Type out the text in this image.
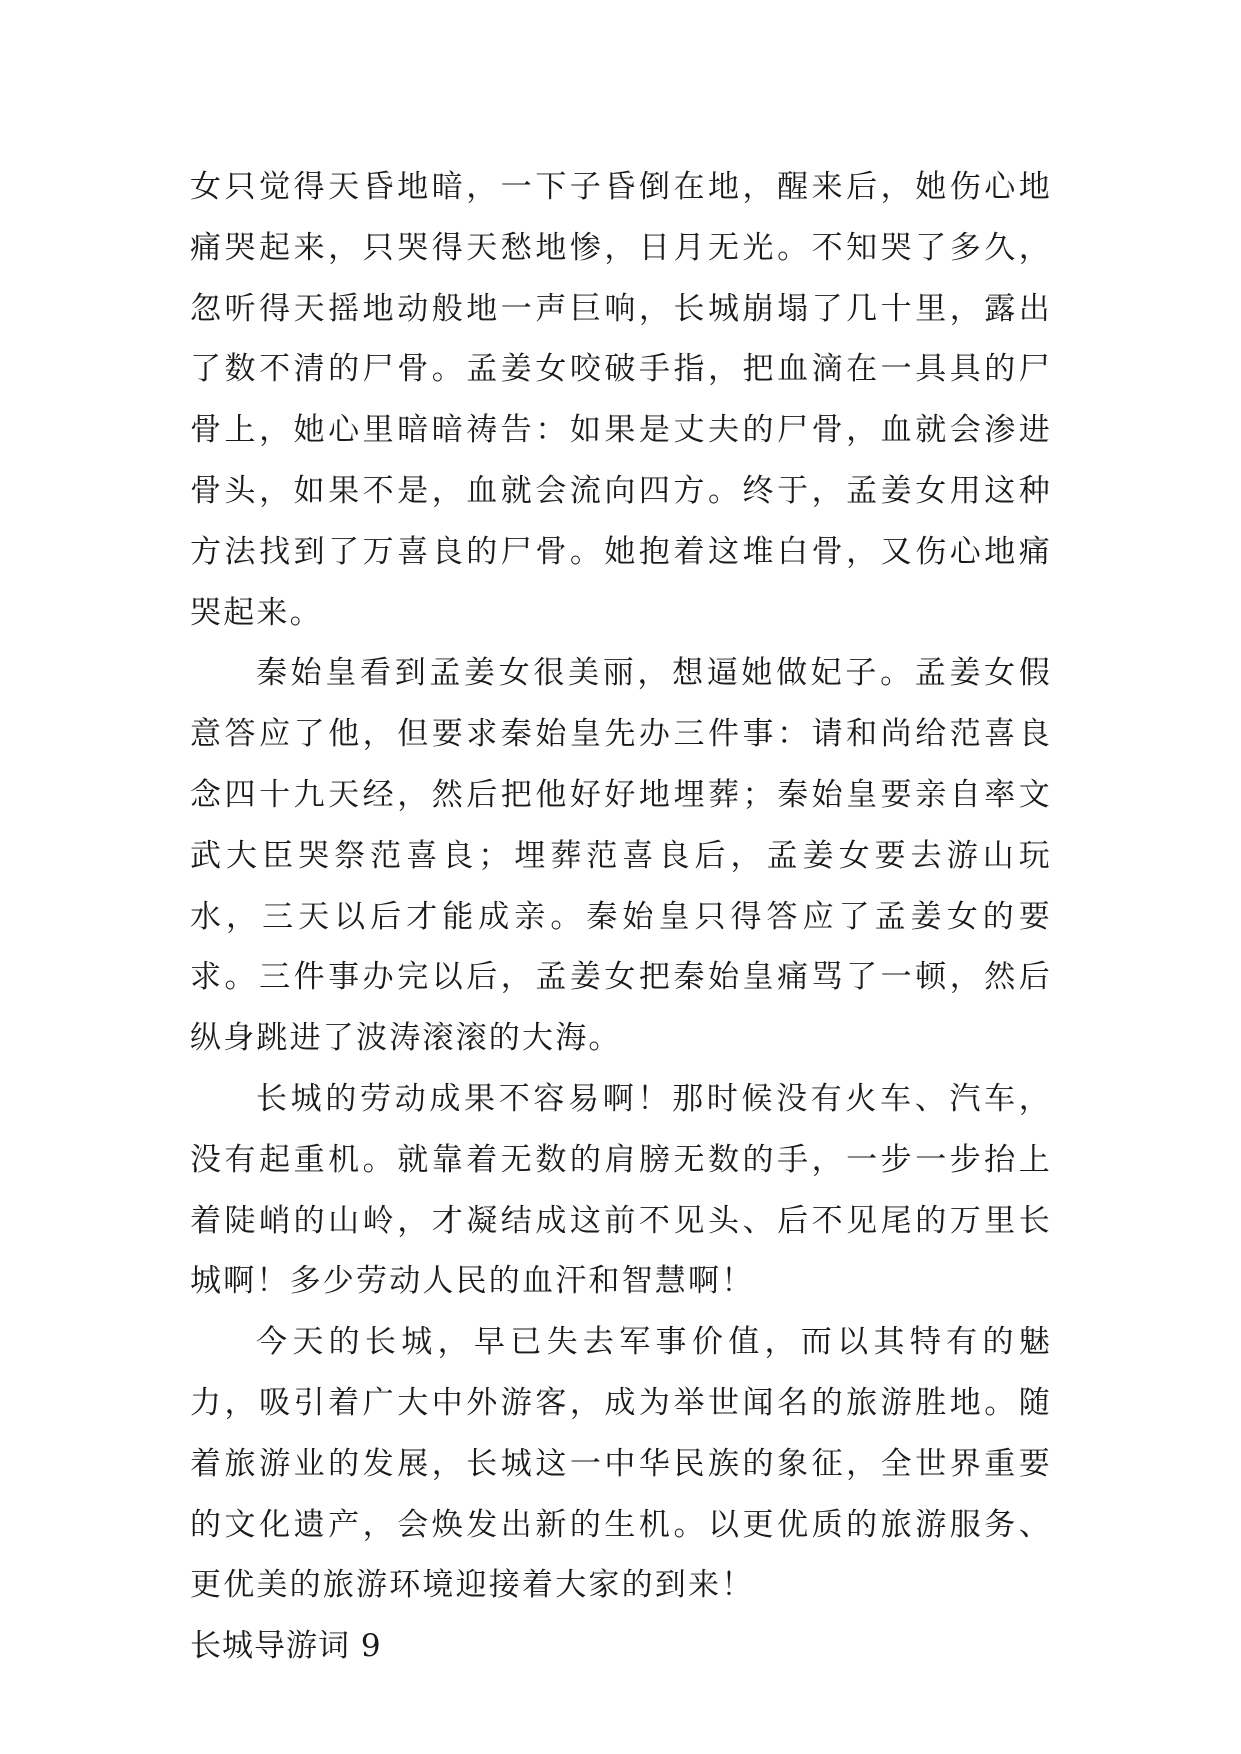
女只觉得天昏地暗，一下子昏倒在地，醒来后，她伤心地痛哭起来，只哭得天愁地惨，日月无光。不知哭了多久，忽听得天摇地动般地一声巨响，长城崩塌了几十里，露出了数不清的尸骨。孟姜女咬破手指，把血滴在一具具的尸骨上，她心里暗暗祷告：如果是丈夫的尸骨，血就会渗进骨头，如果不是，血就会流向四方。终于，孟姜女用这种方法找到了万喜良的尸骨。她抱着这堆白骨，又伤心地痛哭起来。

秦始皇看到孟姜女很美丽，想逼她做妃子。孟姜女假意答应了他，但要求秦始皇先办三件事：请和尚给范喜良念四十九天经，然后把他好好地埋葬；秦始皇要亲自率文武大臣哭祭范喜良；埋葬范喜良后，孟姜女要去游山玩水，三天以后才能成亲。秦始皇只得答应了孟姜女的要求。三件事办完以后，孟姜女把秦始皇痛骂了一顿，然后纵身跳进了波涛滚滚的大海。

长城的劳动成果不容易啊！那时候没有火车、汽车，没有起重机。就靠着无数的肩膀无数的手，一步一步抬上着陡峭的山岭，才凝结成这前不见头、后不见尾的万里长城啊！多少劳动人民的血汗和智慧啊！

今天的长城，早已失去军事价值，而以其特有的魅力，吸引着广大中外游客，成为举世闻名的旅游胜地。随着旅游业的发展，长城这一中华民族的象征，全世界重要的文化遗产，会焕发出新的生机。以更优质的旅游服务、更优美的旅游环境迎接着大家的到来！

长城导游词 9
